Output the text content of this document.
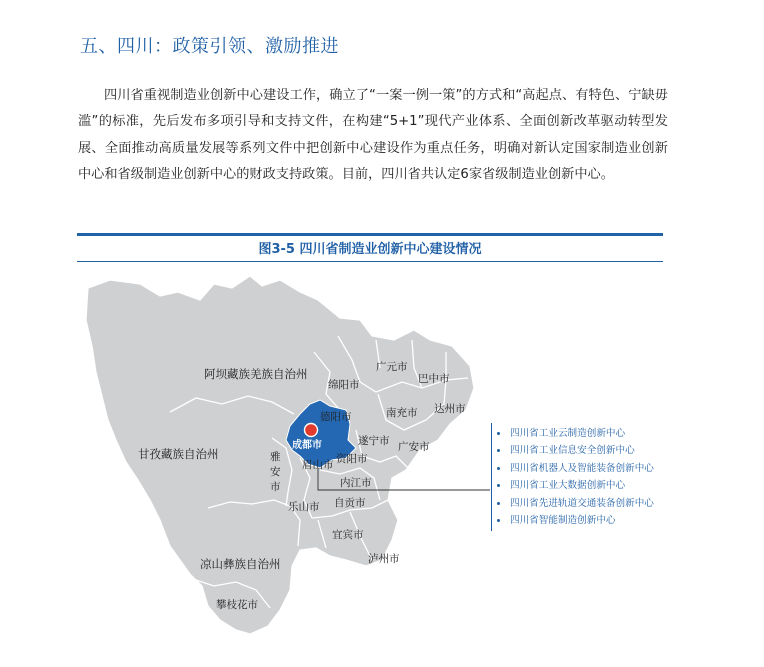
五、四川：政策引领、激励推进

四川省重视制造业创新中心建设工作，确立了“一案一例一策”的方式和“高起点、有特色、宁缺毋滥”的标准，先后发布多项引导和支持文件，在构建“5+1”现代产业体系、全面创新改革驱动转型发展、全面推动高质量发展等系列文件中把创新中心建设作为重点任务，明确对新认定国家制造业创新中心和省级制造业创新中心的财政支持政策。目前，四川省共认定6家省级制造业创新中心。

图3-5 四川省制造业创新中心建设情况
阿坝藏族羌族自治州
甘孜藏族自治州
凉山彝族自治州
攀枝花市
广元市
巴中市
绵阳市
达州市
南充市
德阳市
遂宁市 广安市
成都市
资阳市
雅
安
市
眉山市
内江市
乐山市 自贡市
宜宾市
泸州市
四川省工业云制造创新中心
四川省工业信息安全创新中心
四川省机器人及智能装备创新中心
四川省工业大数据创新中心
四川省先进轨道交通装备创新中心
四川省智能制造创新中心
